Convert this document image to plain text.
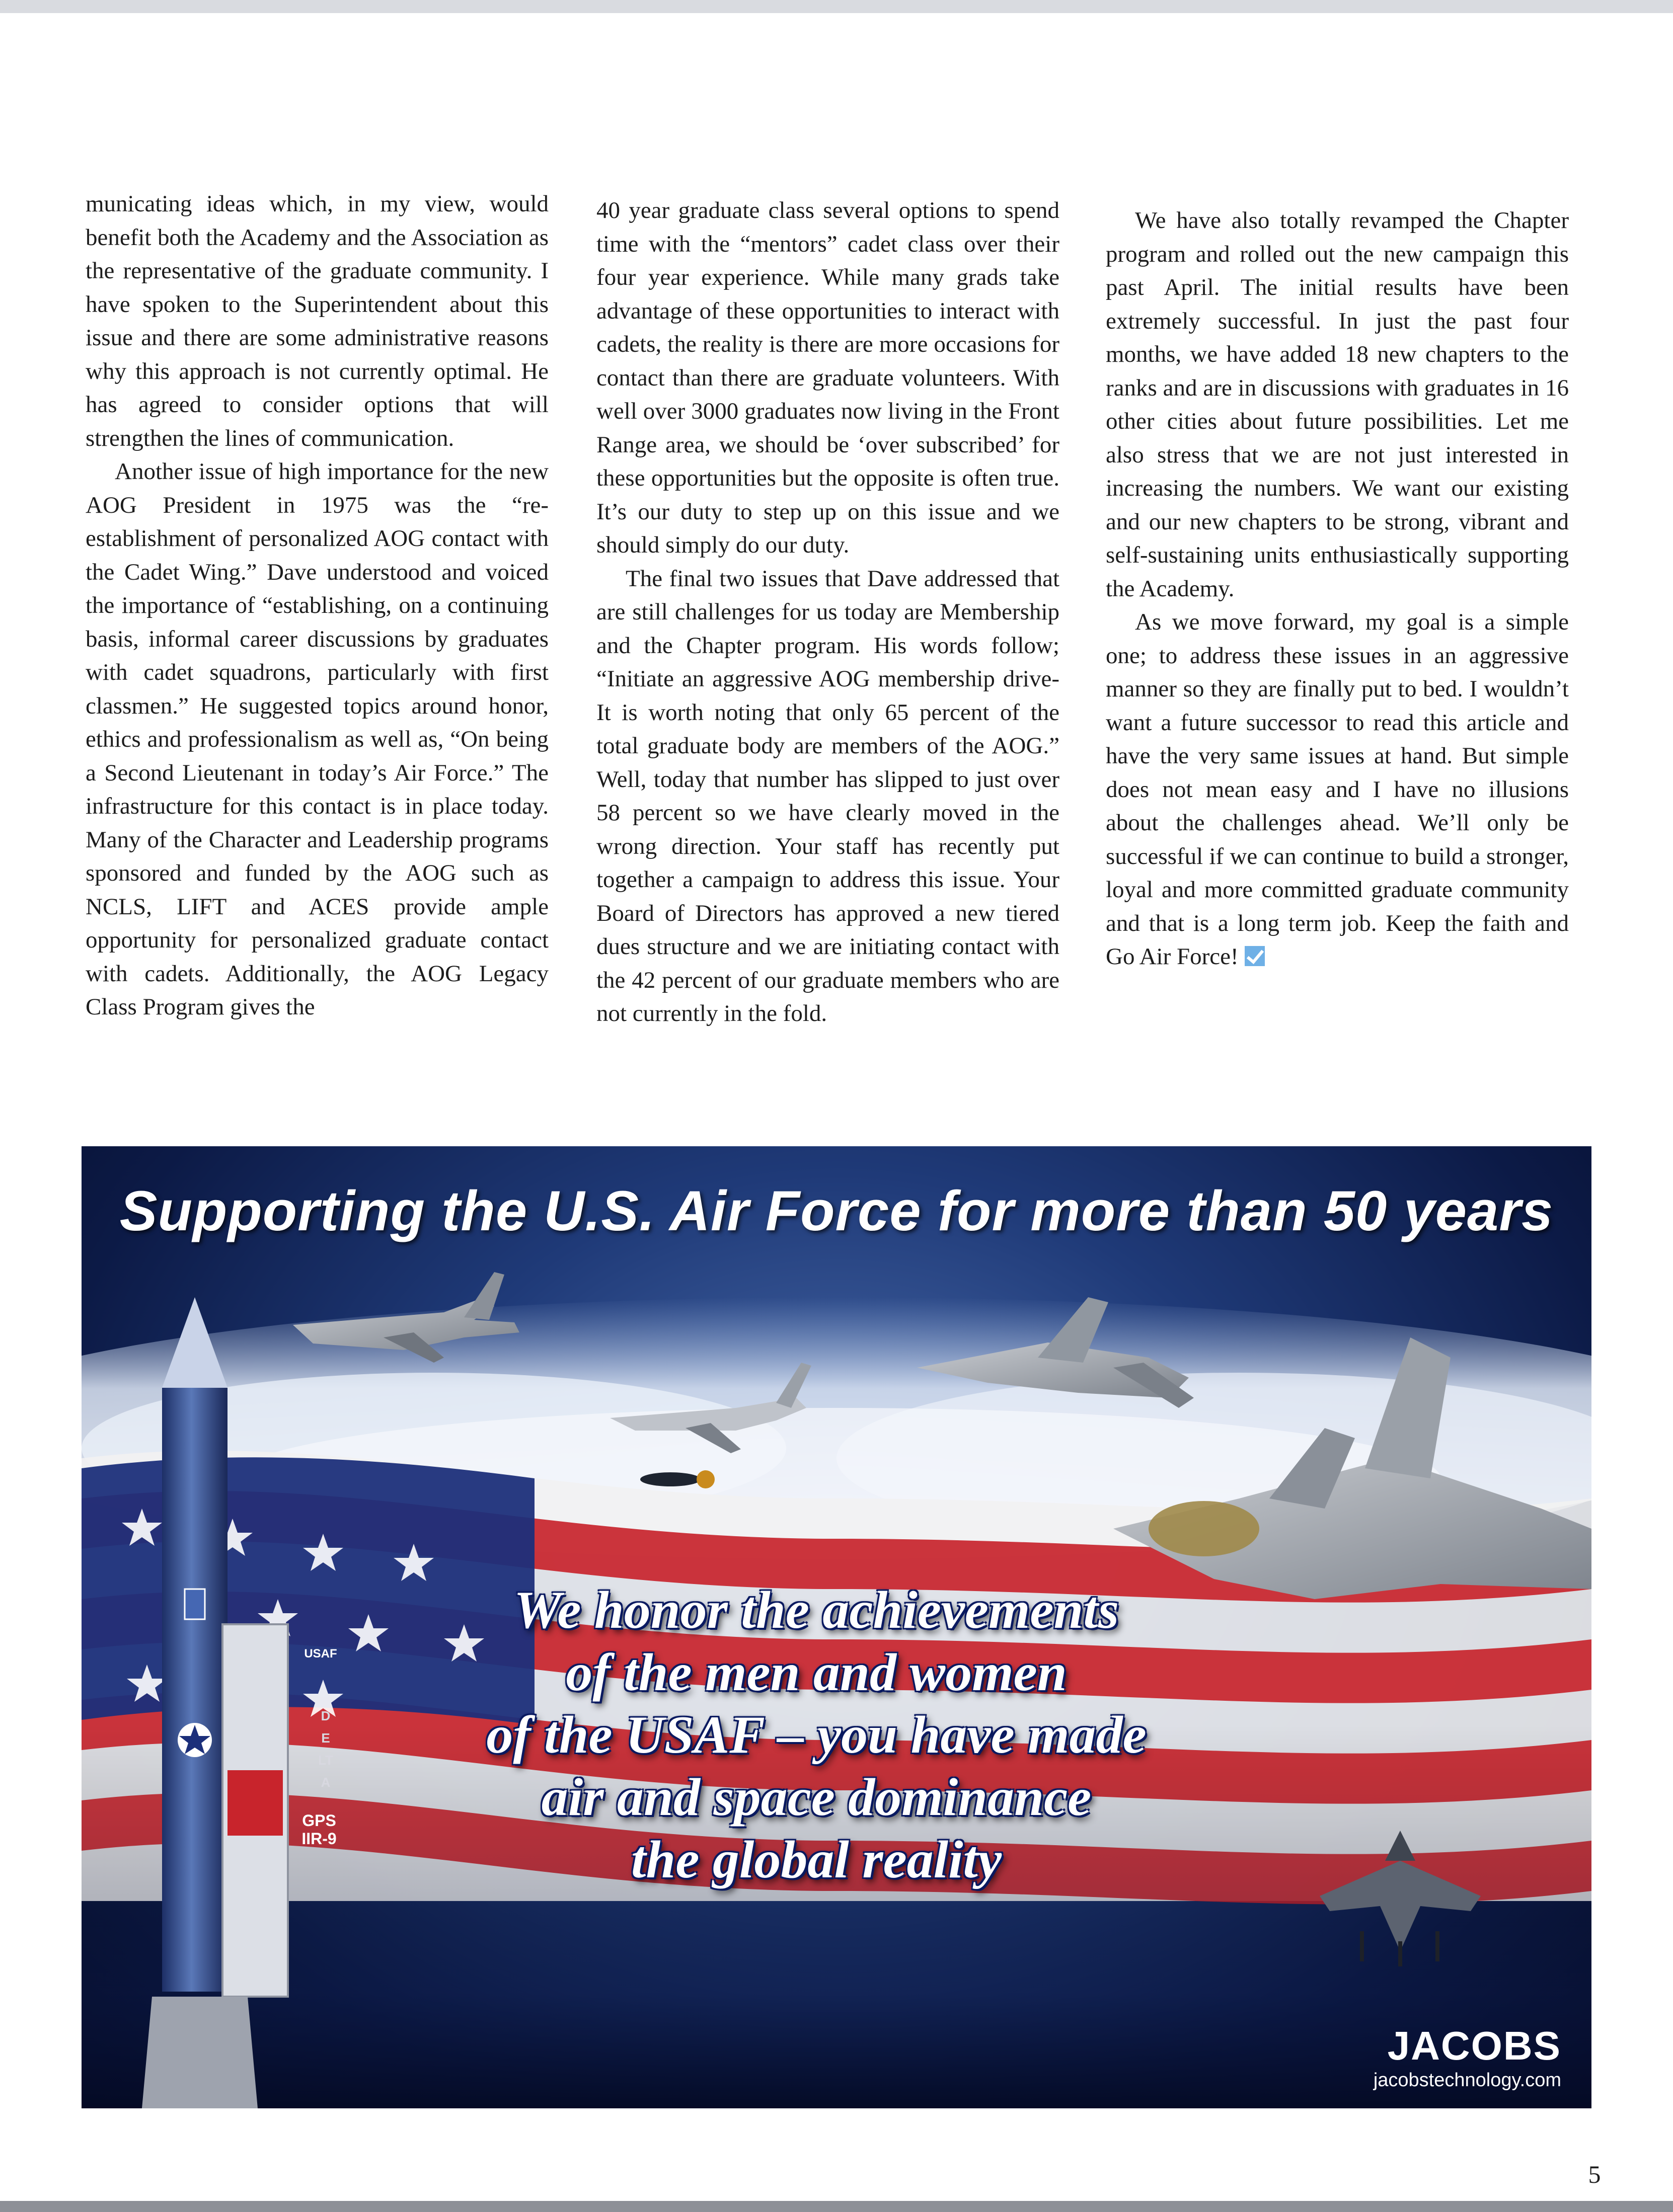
municating ideas which, in my view, would benefit both the Academy and the Association as the representative of the graduate community. I have spoken to the Superintendent about this issue and there are some administrative reasons why this approach is not currently optimal. He has agreed to consider options that will strengthen the lines of communication.

Another issue of high importance for the new AOG President in 1975 was the “re-establishment of personalized AOG contact with the Cadet Wing.” Dave understood and voiced the importance of “establishing, on a continuing basis, informal career discussions by graduates with cadet squadrons, particularly with first classmen.” He suggested topics around honor, ethics and professionalism as well as, “On being a Second Lieutenant in today’s Air Force.” The infrastructure for this contact is in place today. Many of the Character and Leadership programs sponsored and funded by the AOG such as NCLS, LIFT and ACES provide ample opportunity for personalized graduate contact with cadets. Additionally, the AOG Legacy Class Program gives the

40 year graduate class several options to spend time with the “mentors” cadet class over their four year experience. While many grads take advantage of these opportunities to interact with cadets, the reality is there are more occasions for contact than there are graduate volunteers. With well over 3000 graduates now living in the Front Range area, we should be ‘over subscribed’ for these opportunities but the opposite is often true. It’s our duty to step up on this issue and we should simply do our duty.

The final two issues that Dave addressed that are still challenges for us today are Membership and the Chapter program. His words follow; “Initiate an aggressive AOG membership drive-It is worth noting that only 65 percent of the total graduate body are members of the AOG.” Well, today that number has slipped to just over 58 percent so we have clearly moved in the wrong direction. Your staff has recently put together a campaign to address this issue. Your Board of Directors has approved a new tiered dues structure and we are initiating contact with the 42 percent of our graduate members who are not currently in the fold.

We have also totally revamped the Chapter program and rolled out the new campaign this past April. The initial results have been extremely successful. In just the past four months, we have added 18 new chapters to the ranks and are in discussions with graduates in 16 other cities about future possibilities. Let me also stress that we are not just interested in increasing the numbers. We want our existing and our new chapters to be strong, vibrant and self-sustaining units enthusiastically supporting the Academy.

As we move forward, my goal is a simple one; to address these issues in an aggressive manner so they are finally put to bed. I wouldn’t want a future successor to read this article and have the very same issues at hand. But simple does not mean easy and I have no illusions about the challenges ahead. We’ll only be successful if we can continue to build a stronger, loyal and more committed graduate community and that is a long term job. Keep the faith and Go Air Force!

Supporting the U.S. Air Force for more than 50 years
We honor the achievements
of the men and women
of the USAF – you have made
air and space dominance
the global reality
USAF
DELTA
GPS
IIR-9
JACOBS
jacobstechnology.com
5
